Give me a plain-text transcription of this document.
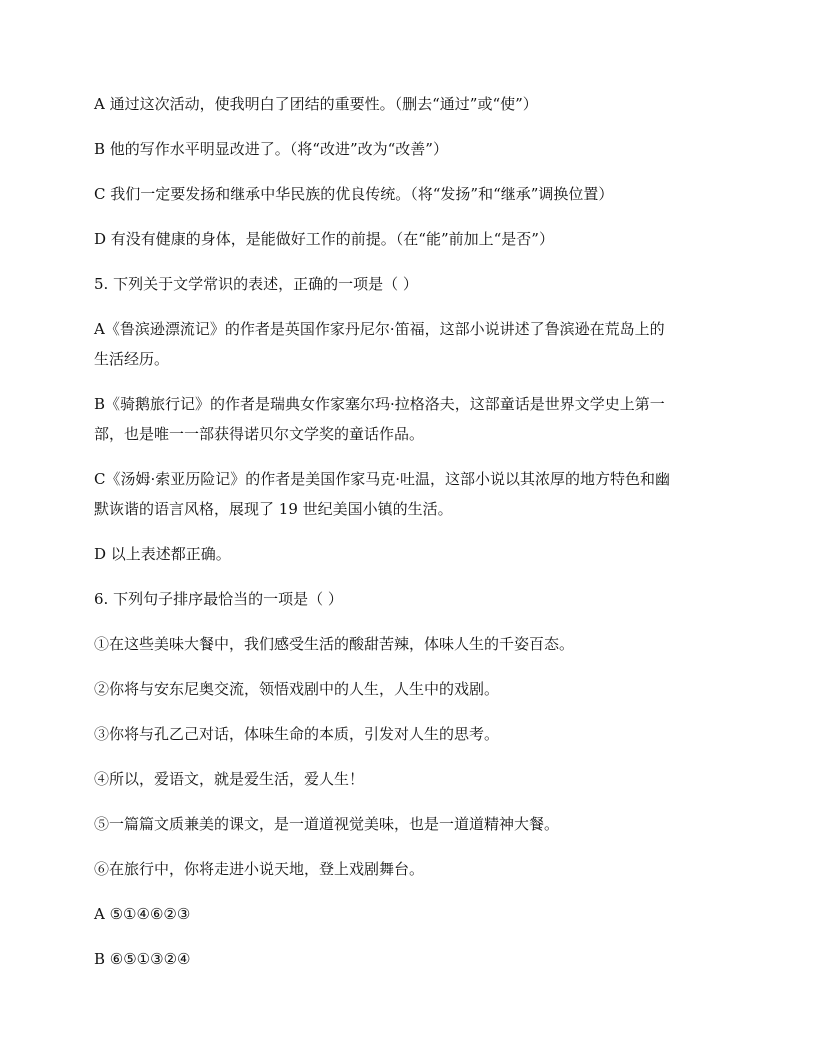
A 通过这次活动，使我明白了团结的重要性。（删去“通过”或“使”）
B 他的写作水平明显改进了。（将“改进”改为“改善”）
C 我们一定要发扬和继承中华民族的优良传统。（将“发扬”和“继承”调换位置）
D 有没有健康的身体，是能做好工作的前提。（在“能”前加上“是否”）
5. 下列关于文学常识的表述，正确的一项是（ ）
A《鲁滨逊漂流记》的作者是英国作家丹尼尔·笛福，这部小说讲述了鲁滨逊在荒岛上的
生活经历。
B《骑鹅旅行记》的作者是瑞典女作家塞尔玛·拉格洛夫，这部童话是世界文学史上第一
部，也是唯一一部获得诺贝尔文学奖的童话作品。
C《汤姆·索亚历险记》的作者是美国作家马克·吐温，这部小说以其浓厚的地方特色和幽
默诙谐的语言风格，展现了 19 世纪美国小镇的生活。
D 以上表述都正确。
6. 下列句子排序最恰当的一项是（ ）
①在这些美味大餐中，我们感受生活的酸甜苦辣，体味人生的千姿百态。
②你将与安东尼奥交流，领悟戏剧中的人生，人生中的戏剧。
③你将与孔乙己对话，体味生命的本质，引发对人生的思考。
④所以，爱语文，就是爱生活，爱人生！
⑤一篇篇文质兼美的课文，是一道道视觉美味，也是一道道精神大餐。
⑥在旅行中，你将走进小说天地，登上戏剧舞台。
A ⑤①④⑥②③
B ⑥⑤①③②④
